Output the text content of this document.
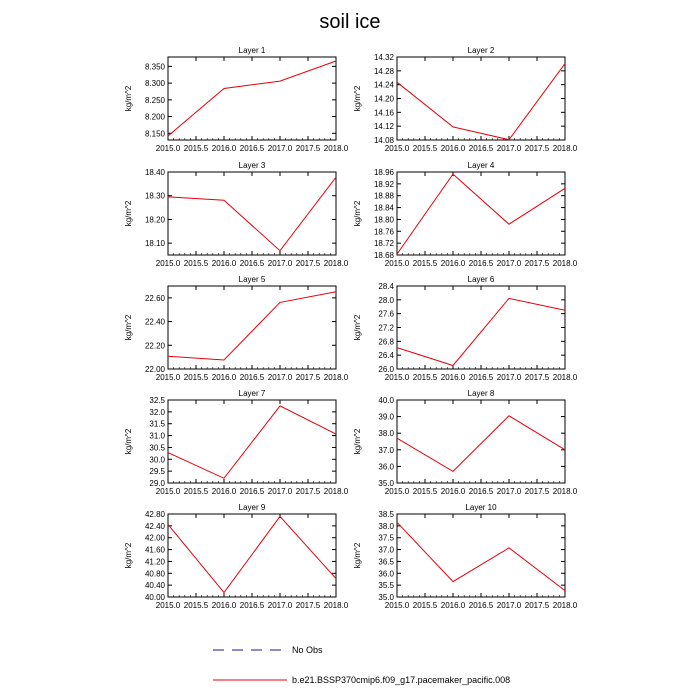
soil ice
Layer 1
kg/m^2
2015.0 2015.5 2016.0 2016.5 2017.0 2017.5 2018.0
8.150
8.200
8.250
8.300
8.350
Layer 2
kg/m^2
2015.0 2015.5 2016.0 2016.5 2017.0 2017.5 2018.0
14.08
14.12
14.16
14.20
14.24
14.28
14.32
Layer 3
kg/m^2
2015.0 2015.5 2016.0 2016.5 2017.0 2017.5 2018.0
18.10
18.20
18.30
18.40
Layer 4
kg/m^2
2015.0 2015.5 2016.0 2016.5 2017.0 2017.5 2018.0
18.68
18.72
18.76
18.80
18.84
18.88
18.92
18.96
Layer 5
kg/m^2
2015.0 2015.5 2016.0 2016.5 2017.0 2017.5 2018.0
22.00
22.20
22.40
22.60
Layer 6
kg/m^2
2015.0 2015.5 2016.0 2016.5 2017.0 2017.5 2018.0
26.0
26.4
26.8
27.2
27.6
28.0
28.4
Layer 7
kg/m^2
2015.0 2015.5 2016.0 2016.5 2017.0 2017.5 2018.0
29.0
29.5
30.0
30.5
31.0
31.5
32.0
32.5
Layer 8
kg/m^2
2015.0 2015.5 2016.0 2016.5 2017.0 2017.5 2018.0
35.0
36.0
37.0
38.0
39.0
40.0
Layer 9
kg/m^2
2015.0 2015.5 2016.0 2016.5 2017.0 2017.5 2018.0
40.00
40.40
40.80
41.20
41.60
42.00
42.40
42.80
Layer 10
kg/m^2
2015.0 2015.5 2016.0 2016.5 2017.0 2017.5 2018.0
35.0
35.5
36.0
36.5
37.0
37.5
38.0
38.5
No Obs
b.e21.BSSP370cmip6.f09_g17.pacemaker_pacific.008
